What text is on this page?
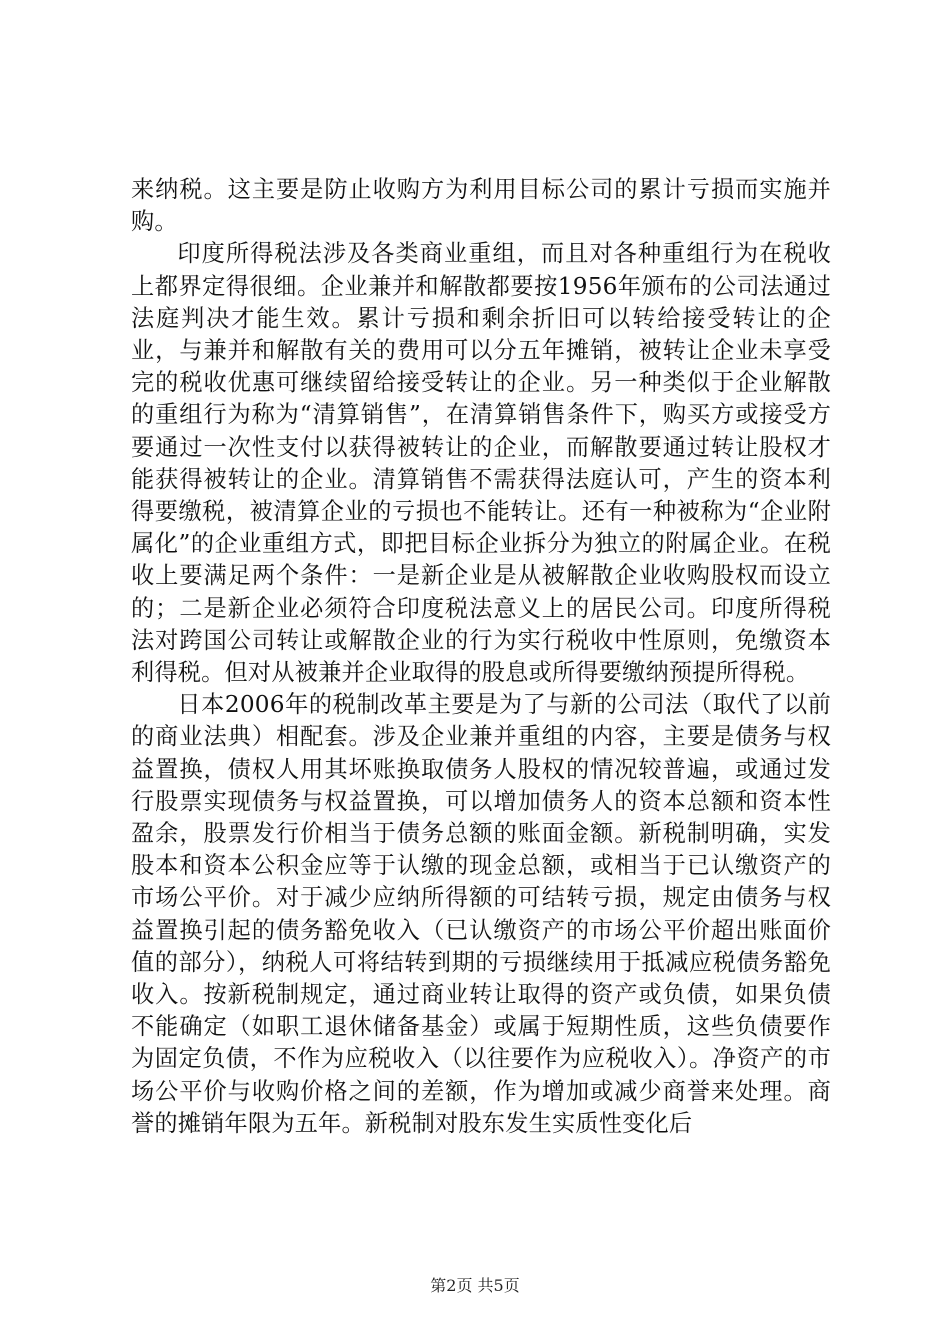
来纳税。这主要是防止收购方为利用目标公司的累计亏损而实施并购。

印度所得税法涉及各类商业重组，而且对各种重组行为在税收上都界定得很细。企业兼并和解散都要按1956年颁布的公司法通过法庭判决才能生效。累计亏损和剩余折旧可以转给接受转让的企业，与兼并和解散有关的费用可以分五年摊销，被转让企业未享受完的税收优惠可继续留给接受转让的企业。另一种类似于企业解散的重组行为称为“清算销售”，在清算销售条件下，购买方或接受方要通过一次性支付以获得被转让的企业，而解散要通过转让股权才能获得被转让的企业。清算销售不需获得法庭认可，产生的资本利得要缴税，被清算企业的亏损也不能转让。还有一种被称为“企业附属化”的企业重组方式，即把目标企业拆分为独立的附属企业。在税收上要满足两个条件：一是新企业是从被解散企业收购股权而设立的；二是新企业必须符合印度税法意义上的居民公司。印度所得税法对跨国公司转让或解散企业的行为实行税收中性原则，免缴资本利得税。但对从被兼并企业取得的股息或所得要缴纳预提所得税。

日本2006年的税制改革主要是为了与新的公司法（取代了以前的商业法典）相配套。涉及企业兼并重组的内容，主要是债务与权益置换，债权人用其坏账换取债务人股权的情况较普遍，或通过发行股票实现债务与权益置换，可以增加债务人的资本总额和资本性盈余，股票发行价相当于债务总额的账面金额。新税制明确，实发股本和资本公积金应等于认缴的现金总额，或相当于已认缴资产的市场公平价。对于减少应纳所得额的可结转亏损，规定由债务与权益置换引起的债务豁免收入（已认缴资产的市场公平价超出账面价值的部分），纳税人可将结转到期的亏损继续用于抵减应税债务豁免收入。按新税制规定，通过商业转让取得的资产或负债，如果负债不能确定（如职工退休储备基金）或属于短期性质，这些负债要作为固定负债，不作为应税收入（以往要作为应税收入）。净资产的市场公平价与收购价格之间的差额，作为增加或减少商誉来处理。商誉的摊销年限为五年。新税制对股东发生实质性变化后

第2页 共5页
